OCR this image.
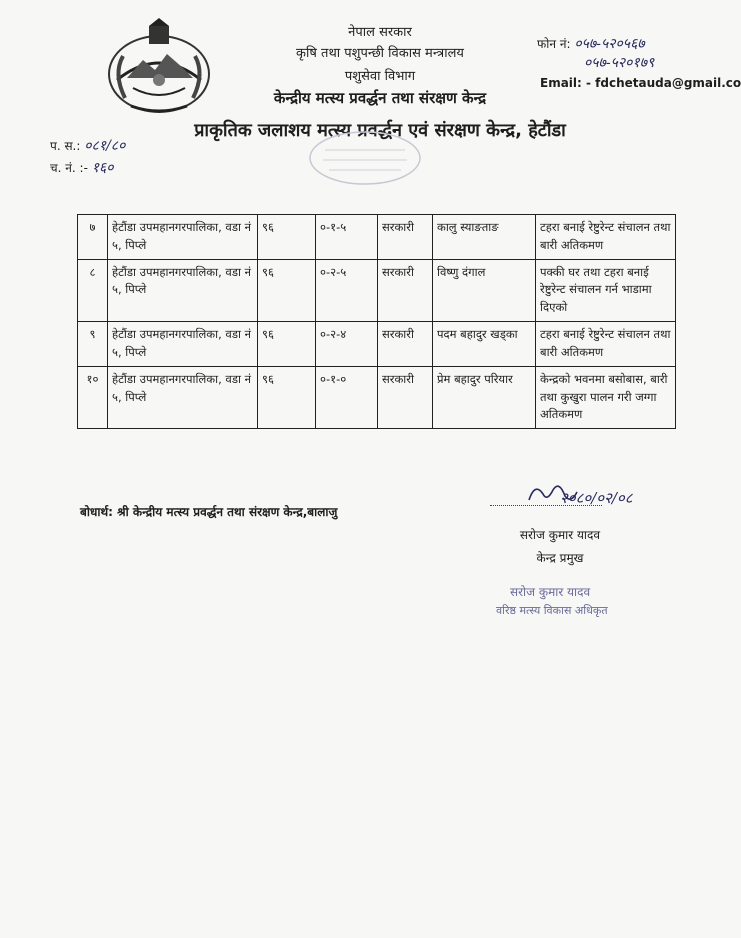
नेपाल सरकार
कृषि तथा पशुपन्छी विकास मन्त्रालय
पशुसेवा विभाग
केन्द्रीय मत्स्य प्रवर्द्धन तथा संरक्षण केन्द्र
प्राकृतिक जलाशय मत्स्य प्रवर्द्धन एवं संरक्षण केन्द्र, हेटौंडा
फोन नं: ०५७-५२०५६७
०५७-५२०१७९
Email: - fdchetauda@gmail.co
प. स.: ०८१/८०
च. नं. :- १६०
७	हेटौंडा उपमहानगरपालिका, वडा नं ५, पिप्ले	९६	०-१-५	सरकारी	कालु स्याङताङ	टहरा बनाई रेष्टुरेन्ट संचालन तथा बारी अतिकमण
८	हेटौंडा उपमहानगरपालिका, वडा नं ५, पिप्ले	९६	०-२-५	सरकारी	विष्णु दंगाल	पक्की घर तथा टहरा बनाई रेष्टुरेन्ट संचालन गर्न भाडामा दिएको
९	हेटौंडा उपमहानगरपालिका, वडा नं ५, पिप्ले	९६	०-२-४	सरकारी	पदम बहादुर खड्का	टहरा बनाई रेष्टुरेन्ट संचालन तथा बारी अतिकमण
१०	हेटौंडा उपमहानगरपालिका, वडा नं ५, पिप्ले	९६	०-१-०	सरकारी	प्रेम बहादुर परियार	केन्द्रको भवनमा बसोबास, बारी तथा कुखुरा पालन गरी जग्गा अतिकमण
बोधार्थ: श्री केन्द्रीय मत्स्य प्रवर्द्धन तथा संरक्षण केन्द्र,बालाजु
२०८०/०२/०८
सरोज कुमार यादव
केन्द्र प्रमुख
सरोज कुमार यादव
वरिष्ठ मत्स्य विकास अधिकृत
